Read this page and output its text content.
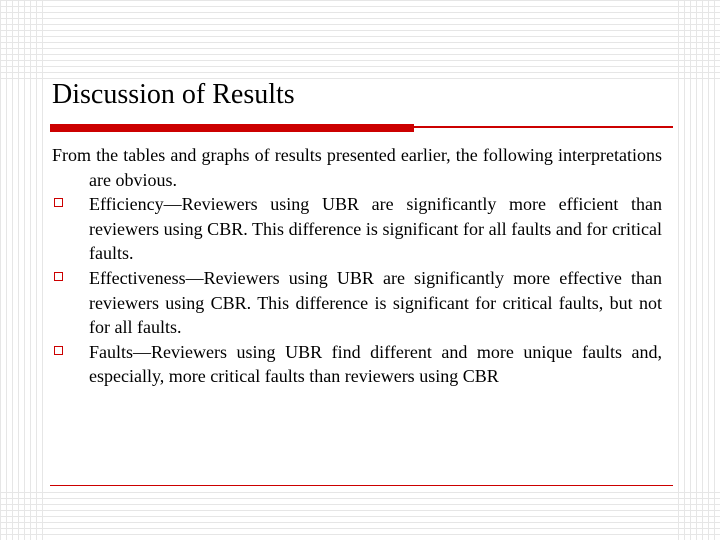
Discussion of Results

From the tables and graphs of results presented earlier, the following interpretations are obvious.

Efficiency—Reviewers using UBR are significantly more efficient than reviewers using CBR. This difference is significant for all faults and for critical faults.
Effectiveness—Reviewers using UBR are significantly more effective than reviewers using CBR. This difference is significant for critical faults, but not for all faults.
Faults—Reviewers using UBR find different and more unique faults and, especially, more critical faults than reviewers using CBR
